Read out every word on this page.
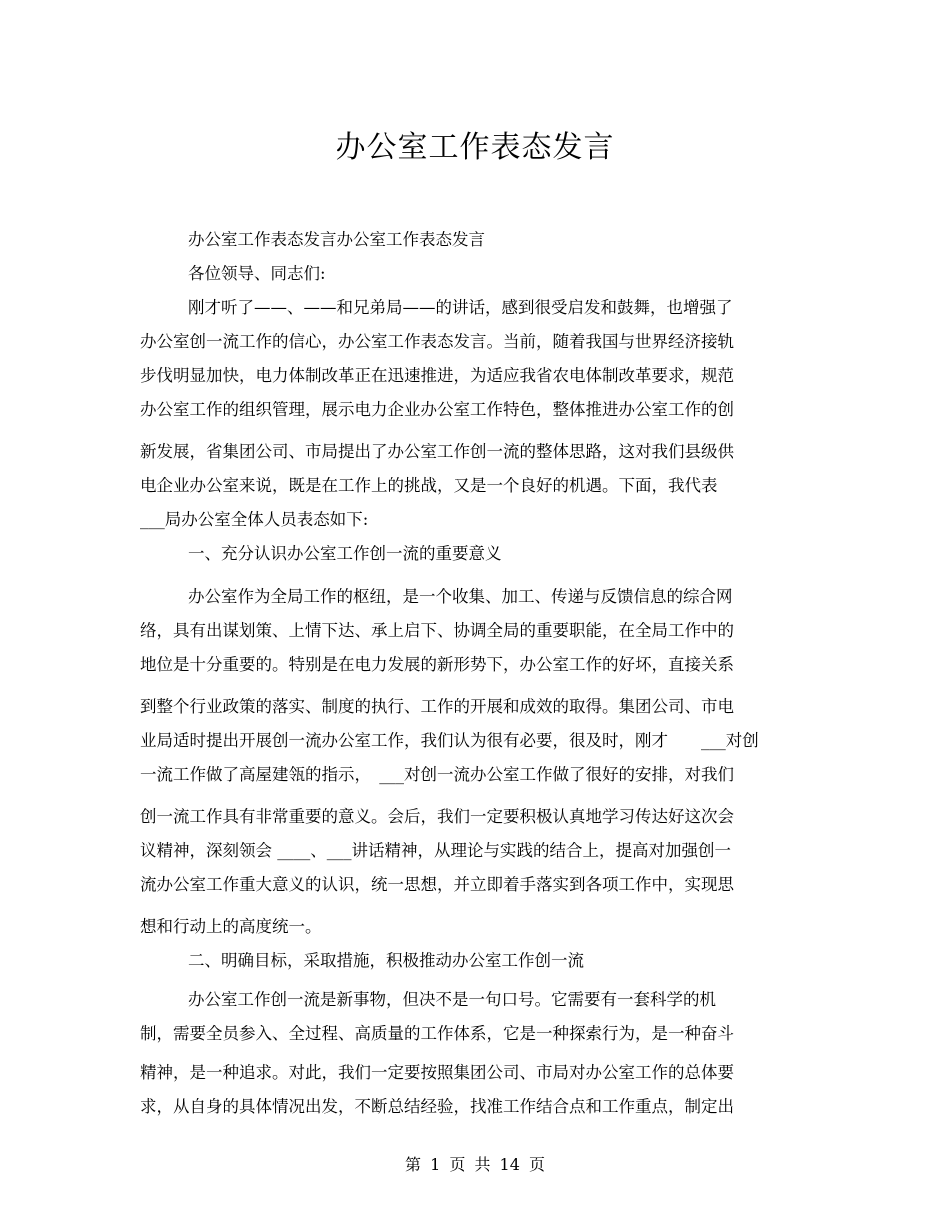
办公室工作表态发言
办公室工作表态发言办公室工作表态发言
各位领导、同志们:
刚才听了——、——和兄弟局——的讲话，感到很受启发和鼓舞，也增强了
办公室创一流工作的信心，办公室工作表态发言。当前，随着我国与世界经济接轨
步伐明显加快，电力体制改革正在迅速推进，为适应我省农电体制改革要求，规范
办公室工作的组织管理，展示电力企业办公室工作特色，整体推进办公室工作的创
新发展，省集团公司、市局提出了办公室工作创一流的整体思路，这对我们县级供
电企业办公室来说，既是在工作上的挑战，又是一个良好的机遇。下面，我代表
___局办公室全体人员表态如下:
一、充分认识办公室工作创一流的重要意义
办公室作为全局工作的枢纽，是一个收集、加工、传递与反馈信息的综合网
络，具有出谋划策、上情下达、承上启下、协调全局的重要职能，在全局工作中的
地位是十分重要的。特别是在电力发展的新形势下，办公室工作的好坏，直接关系
到整个行业政策的落实、制度的执行、工作的开展和成效的取得。集团公司、市电
业局适时提出开展创一流办公室工作，我们认为很有必要，很及时，刚才　　___对创
一流工作做了高屋建瓴的指示，　___对创一流办公室工作做了很好的安排，对我们
创一流工作具有非常重要的意义。会后，我们一定要积极认真地学习传达好这次会
议精神，深刻领会 ____、___讲话精神，从理论与实践的结合上，提高对加强创一
流办公室工作重大意义的认识，统一思想，并立即着手落实到各项工作中，实现思
想和行动上的高度统一。
二、明确目标，采取措施，积极推动办公室工作创一流
办公室工作创一流是新事物，但决不是一句口号。它需要有一套科学的机
制，需要全员参入、全过程、高质量的工作体系，它是一种探索行为，是一种奋斗
精神，是一种追求。对此，我们一定要按照集团公司、市局对办公室工作的总体要
求，从自身的具体情况出发，不断总结经验，找准工作结合点和工作重点，制定出
第 1 页 共 14 页
